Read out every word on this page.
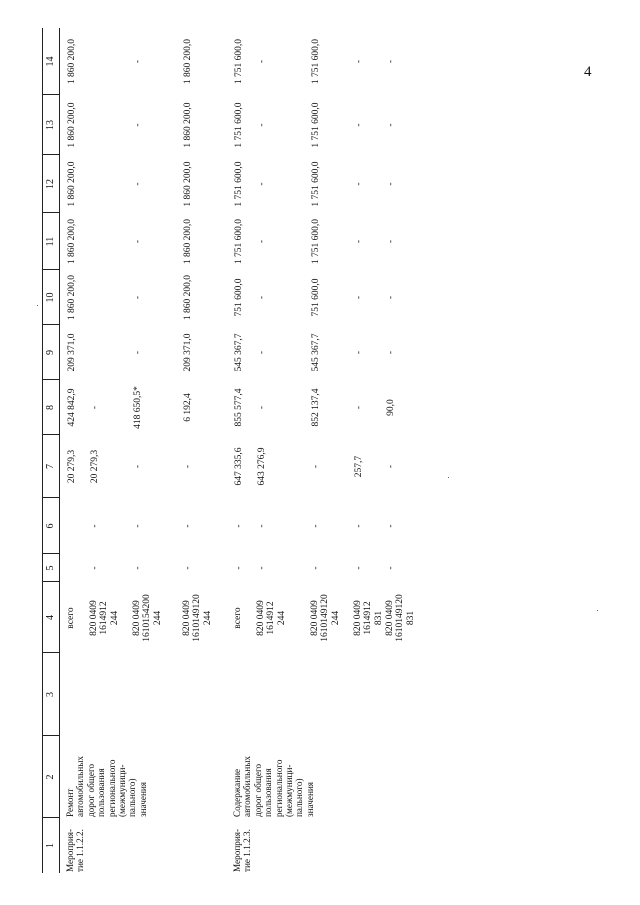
4
1
2
3
4
5
6
7
8
9
10
11
12
13
14
Мероприя- тие 1.1.2.2.
Ремонт автомобильных дорог общего пользования регионального (межмуници- пального) значения
всего
20 279,3
424 842,9
209 371,0
1 860 200,0
1 860 200,0
1 860 200,0
1 860 200,0
1 860 200,0
820 0409 1614912 244
-
-
20 279,3
-
820 0409 1610154200 244
-
-
-
418 650,5*
-
-
-
-
-
-
820 0409 1610149120 244
-
-
-
6 192,4
209 371,0
1 860 200,0
1 860 200,0
1 860 200,0
1 860 200,0
1 860 200,0
Мероприя- тие 1.1.2.3.
Содержание автомобильных дорог общего пользования регионального (межмуници- пального) значения
всего
-
-
647 335,6
855 577,4
545 367,7
751 600,0
1 751 600,0
1 751 600,0
1 751 600,0
1 751 600,0
820 0409 1614912 244
-
-
643 276,9
-
-
-
-
-
-
-
820 0409 1610149120 244
-
-
-
852 137,4
545 367,7
751 600,0
1 751 600,0
1 751 600,0
1 751 600,0
1 751 600,0
820 0409 1614912 831
-
-
257,7
-
-
-
-
-
-
-
820 0409 1610149120 831
-
-
-
90,0
-
-
-
-
-
-
